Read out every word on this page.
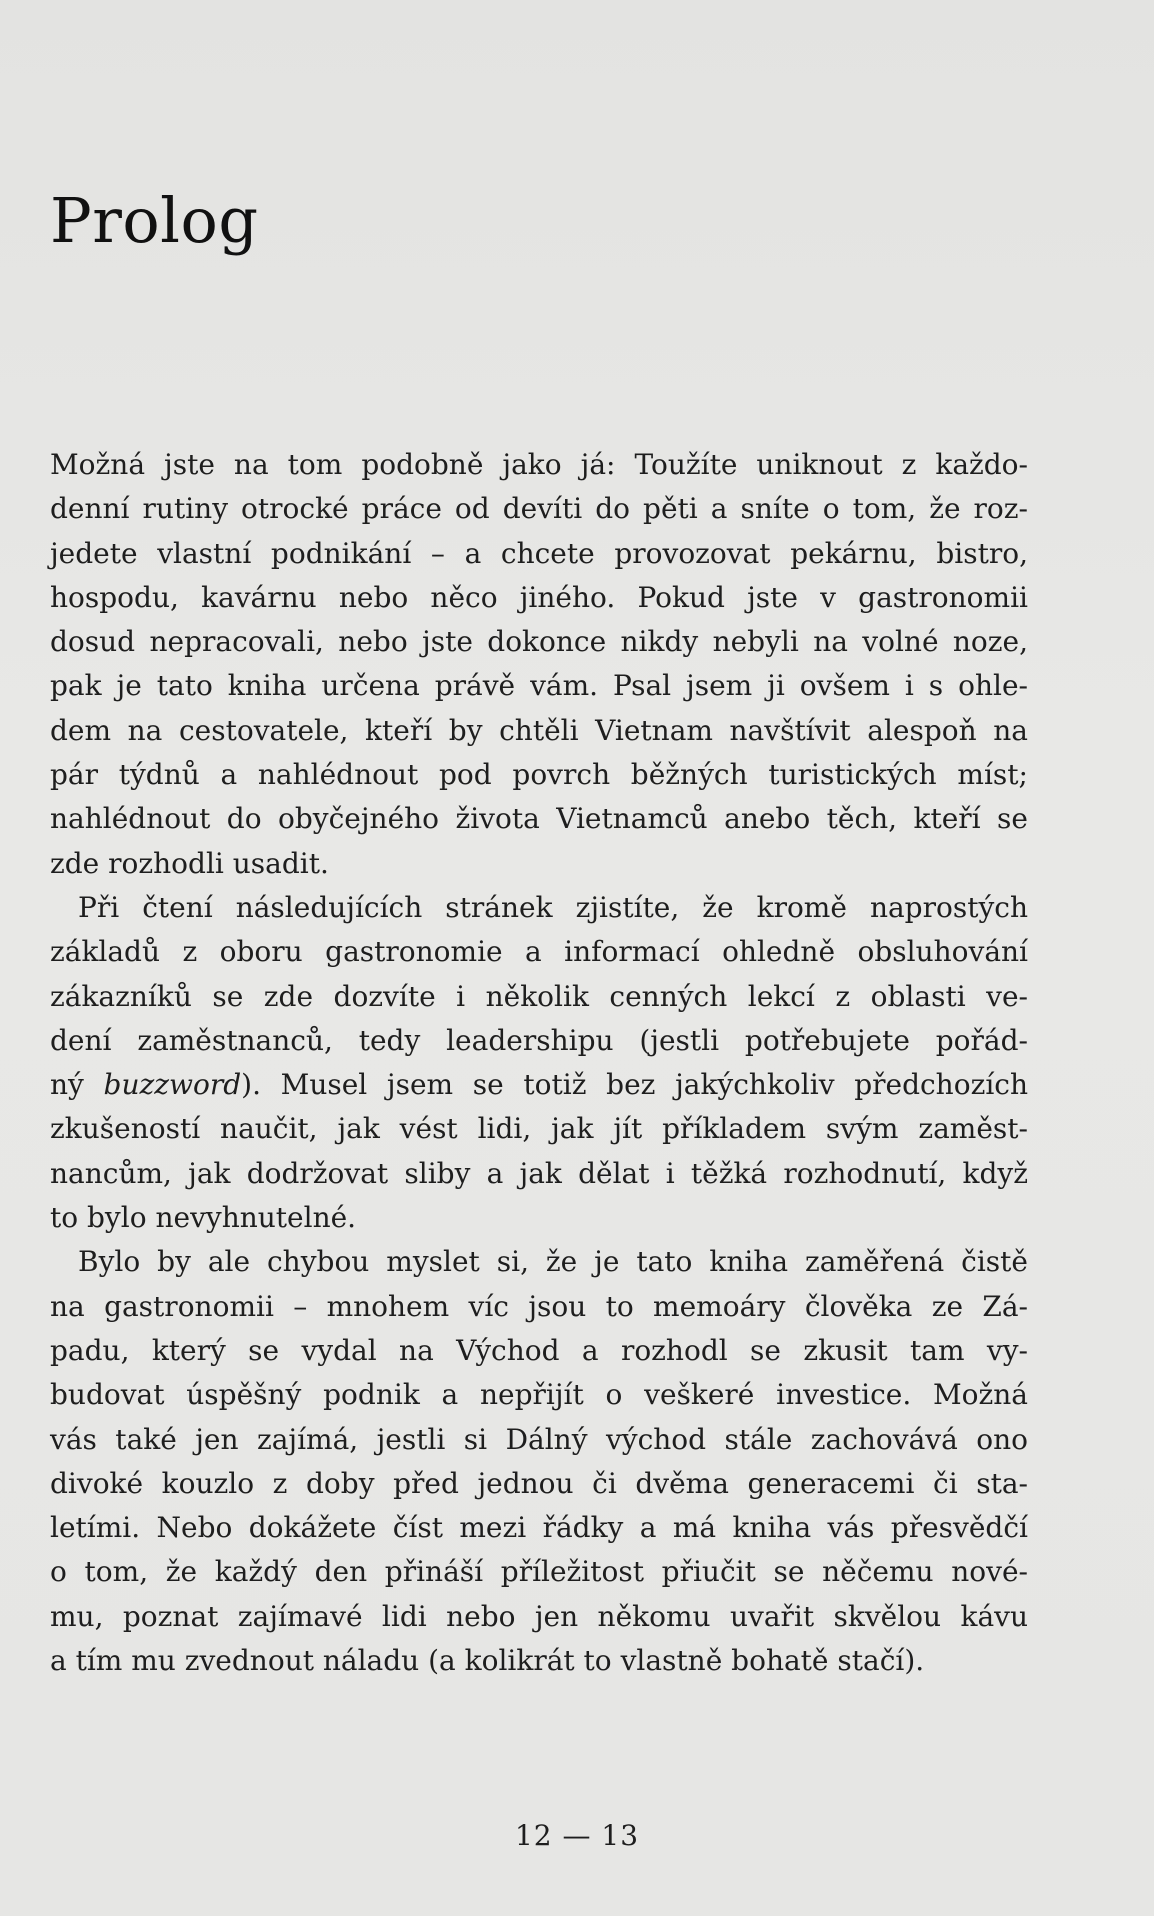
Prolog

Možná jste na tom podobně jako já: Toužíte uniknout z každo-
denní rutiny otrocké práce od devíti do pěti a sníte o tom, že roz-
jedete vlastní podnikání – a chcete provozovat pekárnu, bistro,
hospodu, kavárnu nebo něco jiného. Pokud jste v gastronomii
dosud nepracovali, nebo jste dokonce nikdy nebyli na volné noze,
pak je tato kniha určena právě vám. Psal jsem ji ovšem i s ohle-
dem na cestovatele, kteří by chtěli Vietnam navštívit alespoň na
pár týdnů a nahlédnout pod povrch běžných turistických míst;
nahlédnout do obyčejného života Vietnamců anebo těch, kteří se
zde rozhodli usadit.

Při čtení následujících stránek zjistíte, že kromě naprostých
základů z oboru gastronomie a informací ohledně obsluhování
zákazníků se zde dozvíte i několik cenných lekcí z oblasti ve-
dení zaměstnanců, tedy leadershipu (jestli potřebujete pořád-
ný buzzword). Musel jsem se totiž bez jakýchkoliv předchozích
zkušeností naučit, jak vést lidi, jak jít příkladem svým zaměst-
nancům, jak dodržovat sliby a jak dělat i těžká rozhodnutí, když
to bylo nevyhnutelné.

Bylo by ale chybou myslet si, že je tato kniha zaměřená čistě
na gastronomii – mnohem víc jsou to memoáry člověka ze Zá-
padu, který se vydal na Východ a rozhodl se zkusit tam vy-
budovat úspěšný podnik a nepřijít o veškeré investice. Možná
vás také jen zajímá, jestli si Dálný východ stále zachovává ono
divoké kouzlo z doby před jednou či dvěma generacemi či sta-
letími. Nebo dokážete číst mezi řádky a má kniha vás přesvědčí
o tom, že každý den přináší příležitost přiučit se něčemu nové-
mu, poznat zajímavé lidi nebo jen někomu uvařit skvělou kávu
a tím mu zvednout náladu (a kolikrát to vlastně bohatě stačí).

12 — 13
